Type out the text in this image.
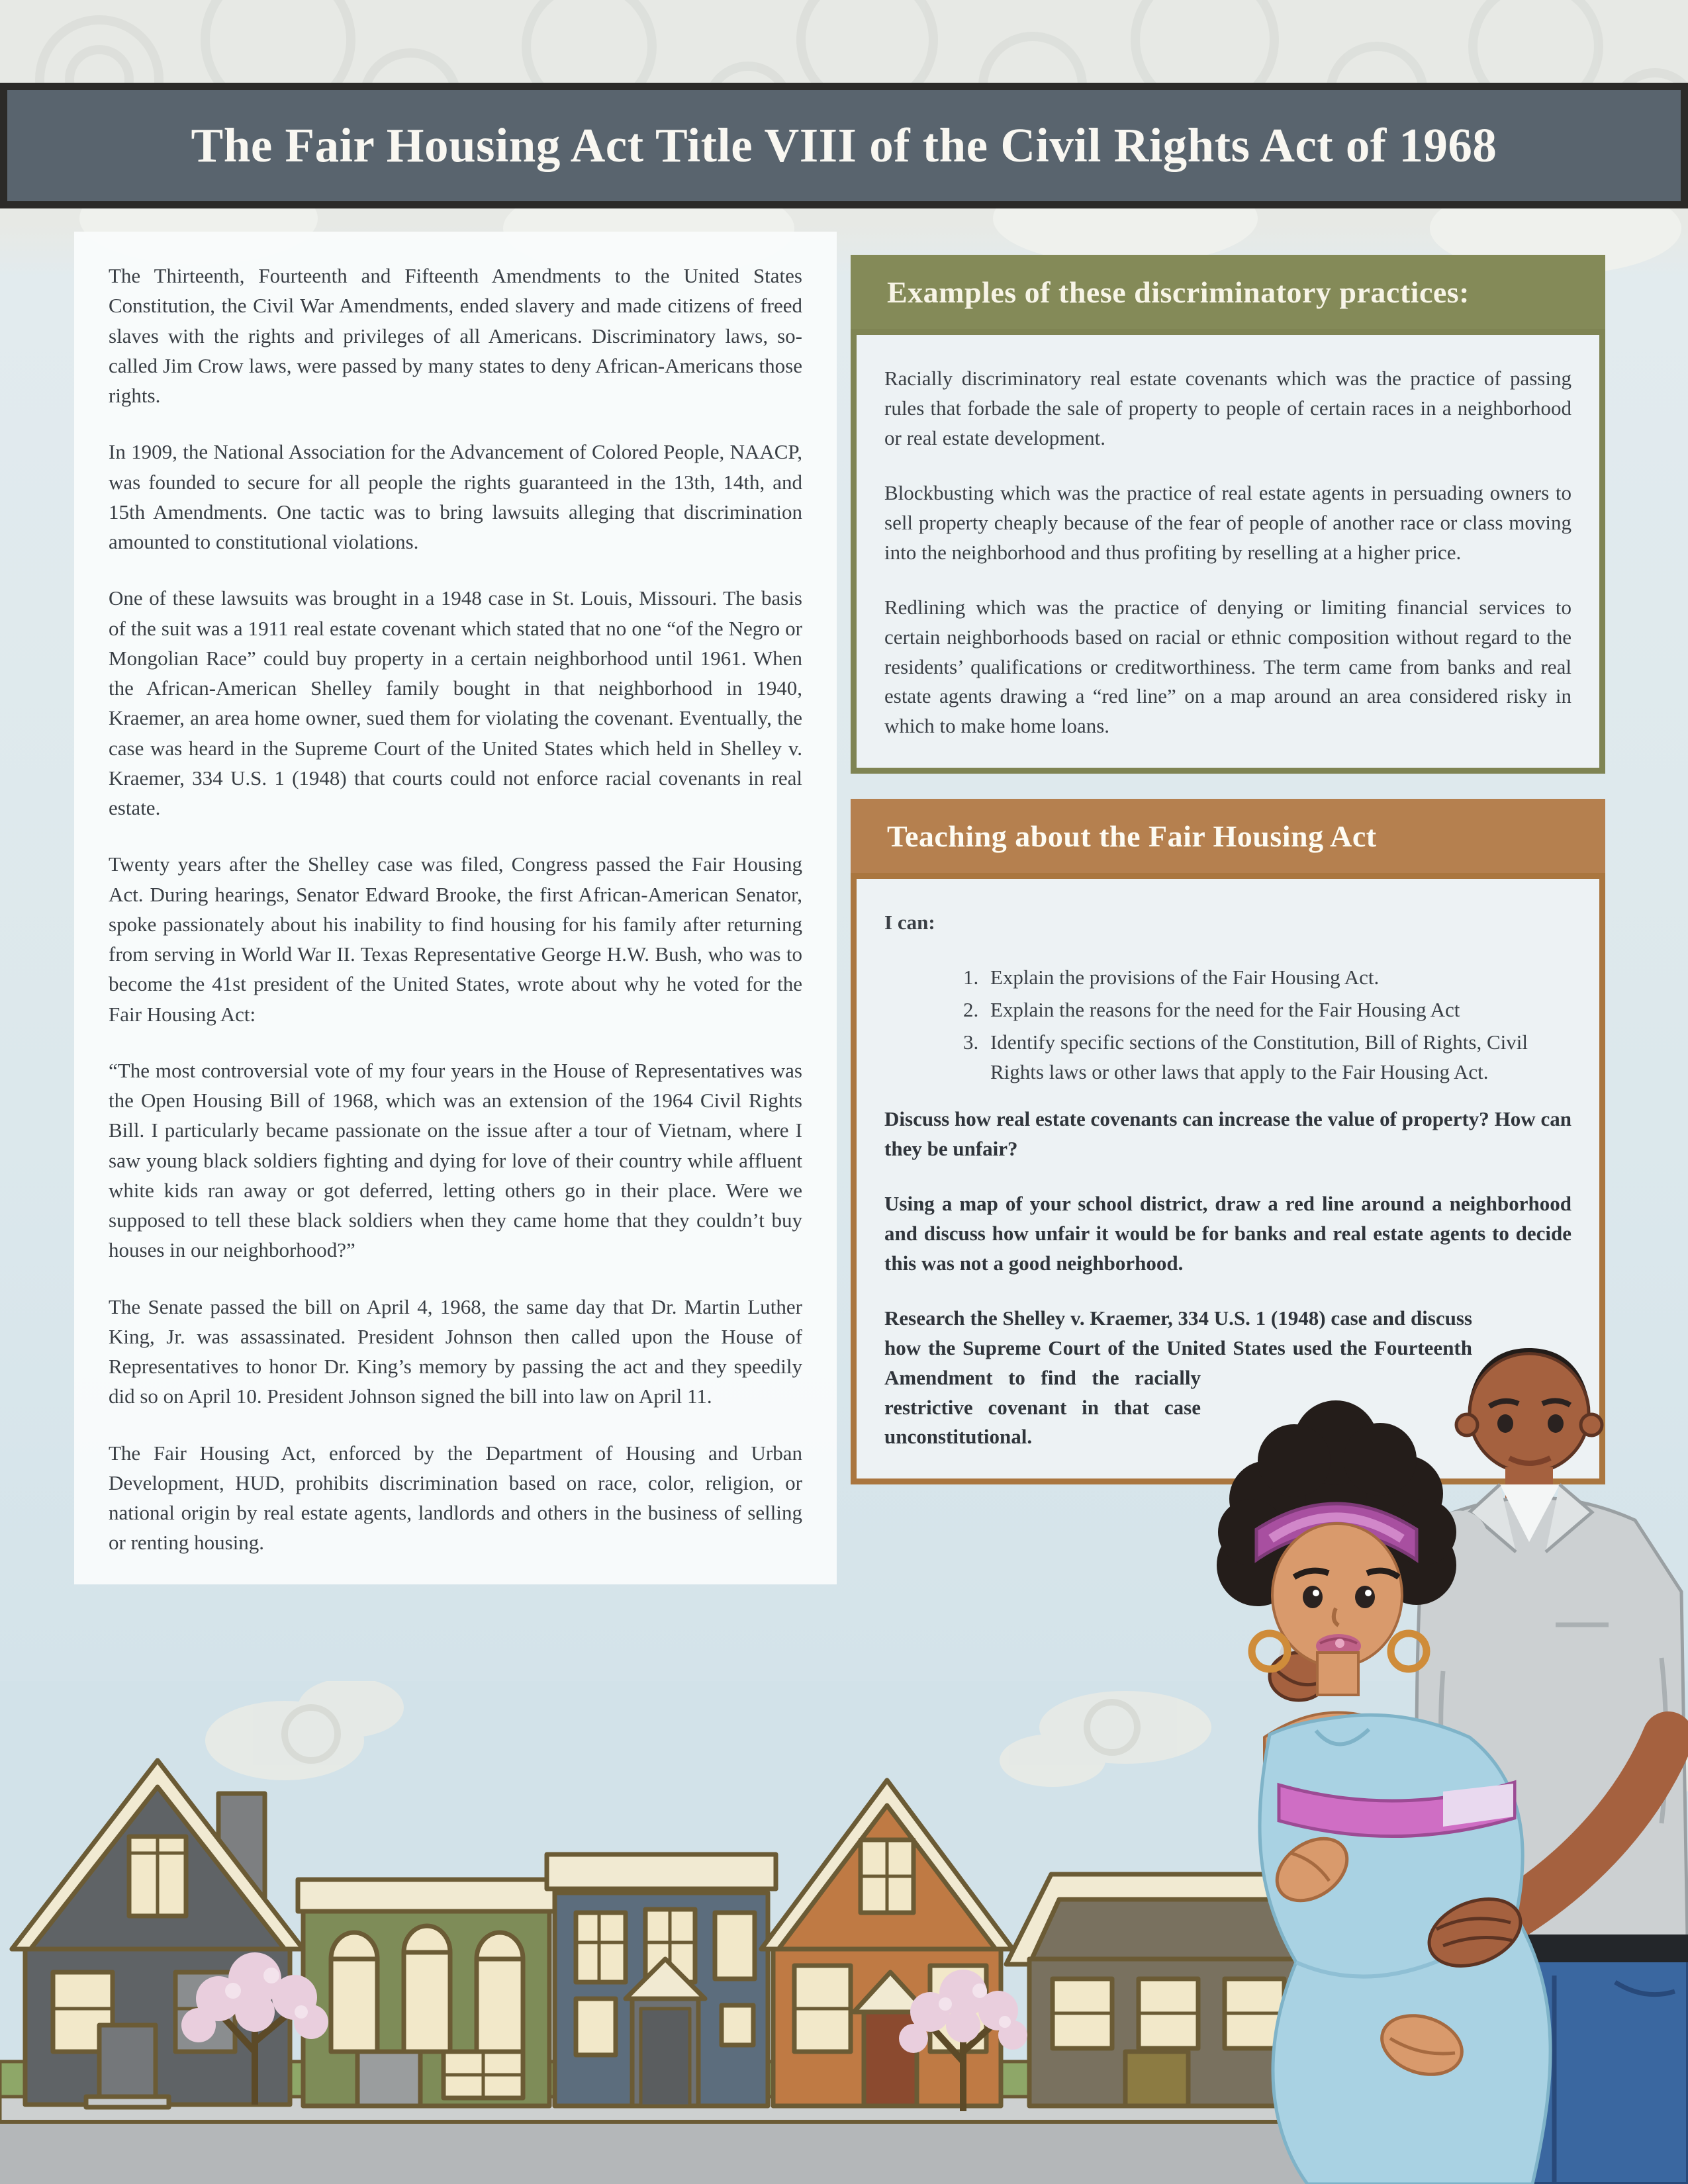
The Fair Housing Act Title VIII of the Civil Rights Act of 1968

The Thirteenth, Fourteenth and Fifteenth Amendments to the United States Constitution, the Civil War Amendments, ended slavery and made citizens of freed slaves with the rights and privileges of all Americans. Discriminatory laws, so-called Jim Crow laws, were passed by many states to deny African-Americans those rights.

In 1909, the National Association for the Advancement of Colored People, NAACP, was founded to secure for all people the rights guaranteed in the 13th, 14th, and 15th Amendments. One tactic was to bring lawsuits alleging that discrimination amounted to constitutional violations.

One of these lawsuits was brought in a 1948 case in St. Louis, Missouri. The basis of the suit was a 1911 real estate covenant which stated that no one “of the Negro or Mongolian Race” could buy property in a certain neighborhood until 1961. When the African-American Shelley family bought in that neighborhood in 1940, Kraemer, an area home owner, sued them for violating the covenant. Eventually, the case was heard in the Supreme Court of the United States which held in Shelley v. Kraemer, 334 U.S. 1 (1948) that courts could not enforce racial covenants in real estate.

Twenty years after the Shelley case was filed, Congress passed the Fair Housing Act. During hearings, Senator Edward Brooke, the first African-American Senator, spoke passionately about his inability to find housing for his family after returning from serving in World War II. Texas Representative George H.W. Bush, who was to become the 41st president of the United States, wrote about why he voted for the Fair Housing Act:

“The most controversial vote of my four years in the House of Representatives was the Open Housing Bill of 1968, which was an extension of the 1964 Civil Rights Bill. I particularly became passionate on the issue after a tour of Vietnam, where I saw young black soldiers fighting and dying for love of their country while affluent white kids ran away or got deferred, letting others go in their place. Were we supposed to tell these black soldiers when they came home that they couldn’t buy houses in our neighborhood?”

The Senate passed the bill on April 4, 1968, the same day that Dr. Martin Luther King, Jr. was assassinated. President Johnson then called upon the House of Representatives to honor Dr. King’s memory by passing the act and they speedily did so on April 10. President Johnson signed the bill into law on April 11.

The Fair Housing Act, enforced by the Department of Housing and Urban Development, HUD, prohibits discrimination based on race, color, religion, or national origin by real estate agents, landlords and others in the business of selling or renting housing.

Examples of these discriminatory practices:

Racially discriminatory real estate covenants which was the practice of passing rules that forbade the sale of property to people of certain races in a neighborhood or real estate development.

Blockbusting which was the practice of real estate agents in persuading owners to sell property cheaply because of the fear of people of another race or class moving into the neighborhood and thus profiting by reselling at a higher price.

Redlining which was the practice of denying or limiting financial services to certain neighborhoods based on racial or ethnic composition without regard to the residents’ qualifications or creditworthiness. The term came from banks and real estate agents drawing a “red line” on a map around an area considered risky in which to make home loans.

Teaching about the Fair Housing Act

I can:

1. Explain the provisions of the Fair Housing Act.
2. Explain the reasons for the need for the Fair Housing Act
3. Identify specific sections of the Constitution, Bill of Rights, Civil Rights laws or other laws that apply to the Fair Housing Act.

Discuss how real estate covenants can increase the value of property? How can they be unfair?

Using a map of your school district, draw a red line around a neighborhood and discuss how unfair it would be for banks and real estate agents to decide this was not a good neighborhood.

Research the Shelley v. Kraemer, 334 U.S. 1 (1948) case and discuss how the Supreme Court of the United States used the Fourteenth Amendment to find the racially restrictive covenant in that case unconstitutional.
